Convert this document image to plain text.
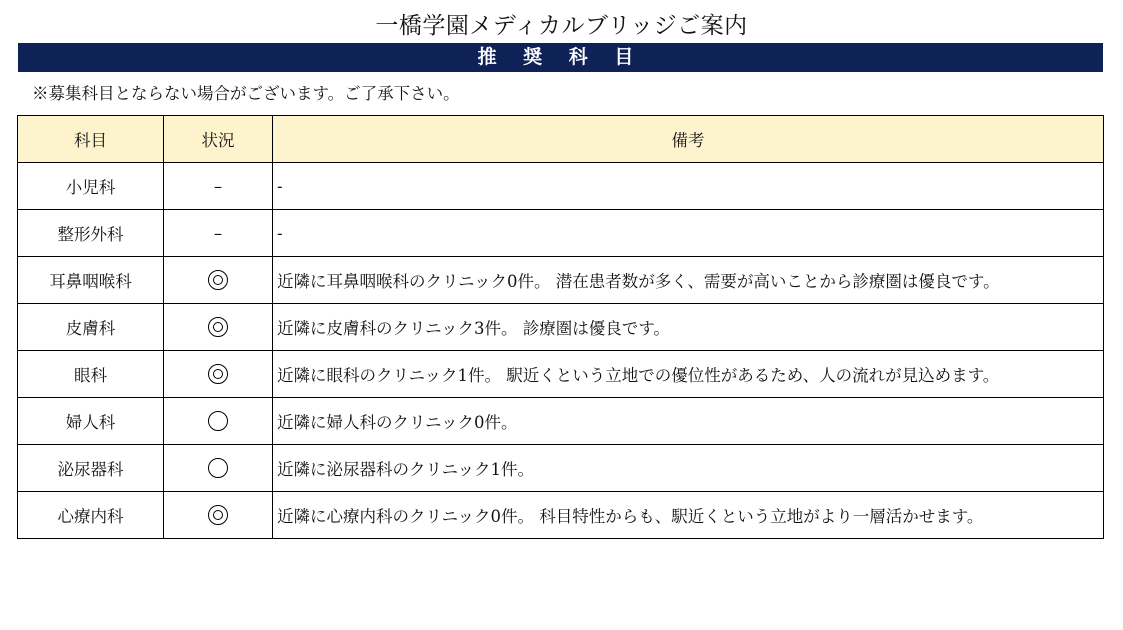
一橋学園メディカルブリッジご案内
推 奨 科 目
※募集科目とならない場合がございます。ご了承下さい。
科目	状況	備考
小児科	–	-
整形外科	–	-
耳鼻咽喉科		近隣に耳鼻咽喉科のクリニック0件。 潜在患者数が多く、需要が高いことから診療圏は優良です。
皮膚科		近隣に皮膚科のクリニック3件。 診療圏は優良です。
眼科		近隣に眼科のクリニック1件。 駅近くという立地での優位性があるため、人の流れが見込めます。
婦人科		近隣に婦人科のクリニック0件。
泌尿器科		近隣に泌尿器科のクリニック1件。
心療内科		近隣に心療内科のクリニック0件。 科目特性からも、駅近くという立地がより一層活かせます。
